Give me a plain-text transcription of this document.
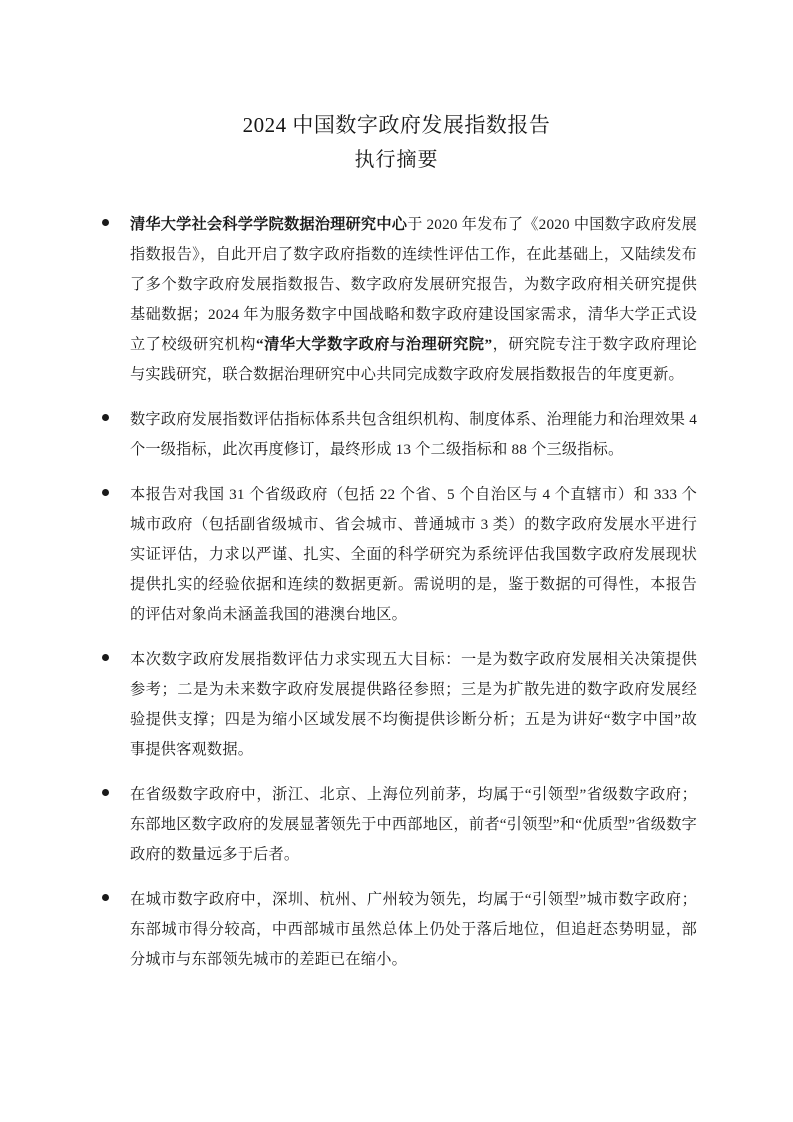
2024 中国数字政府发展指数报告
执行摘要

清华大学社会科学学院数据治理研究中心于 2020 年发布了《2020 中国数字政府发展指数报告》，自此开启了数字政府指数的连续性评估工作，在此基础上，又陆续发布了多个数字政府发展指数报告、数字政府发展研究报告，为数字政府相关研究提供基础数据；2024 年为服务数字中国战略和数字政府建设国家需求，清华大学正式设立了校级研究机构“清华大学数字政府与治理研究院”，研究院专注于数字政府理论与实践研究，联合数据治理研究中心共同完成数字政府发展指数报告的年度更新。

数字政府发展指数评估指标体系共包含组织机构、制度体系、治理能力和治理效果 4 个一级指标，此次再度修订，最终形成 13 个二级指标和 88 个三级指标。

本报告对我国 31 个省级政府（包括 22 个省、5 个自治区与 4 个直辖市）和 333 个城市政府（包括副省级城市、省会城市、普通城市 3 类）的数字政府发展水平进行实证评估，力求以严谨、扎实、全面的科学研究为系统评估我国数字政府发展现状提供扎实的经验依据和连续的数据更新。需说明的是，鉴于数据的可得性，本报告的评估对象尚未涵盖我国的港澳台地区。

本次数字政府发展指数评估力求实现五大目标：一是为数字政府发展相关决策提供参考；二是为未来数字政府发展提供路径参照；三是为扩散先进的数字政府发展经验提供支撑；四是为缩小区域发展不均衡提供诊断分析；五是为讲好“数字中国”故事提供客观数据。

在省级数字政府中，浙江、北京、上海位列前茅，均属于“引领型”省级数字政府；东部地区数字政府的发展显著领先于中西部地区，前者“引领型”和“优质型”省级数字政府的数量远多于后者。

在城市数字政府中，深圳、杭州、广州较为领先，均属于“引领型”城市数字政府；东部城市得分较高，中西部城市虽然总体上仍处于落后地位，但追赶态势明显，部分城市与东部领先城市的差距已在缩小。
